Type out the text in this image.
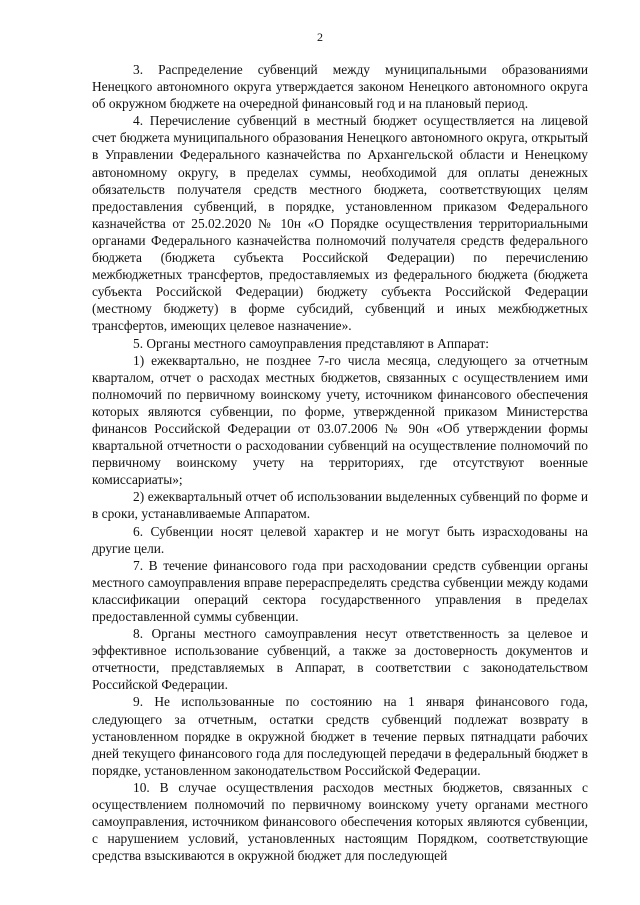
2

3. Распределение субвенций между муниципальными образованиями Ненецкого автономного округа утверждается законом Ненецкого автономного округа об окружном бюджете на очередной финансовый год и на плановый период.

4. Перечисление субвенций в местный бюджет осуществляется на лицевой счет бюджета муниципального образования Ненецкого автономного округа, открытый в Управлении Федерального казначейства по Архангельской области и Ненецкому автономному округу, в пределах суммы, необходимой для оплаты денежных обязательств получателя средств местного бюджета, соответствующих целям предоставления субвенций, в порядке, установленном приказом Федерального казначейства от 25.02.2020 № 10н «О Порядке осуществления территориальными органами Федерального казначейства полномочий получателя средств федерального бюджета (бюджета субъекта Российской Федерации) по перечислению межбюджетных трансфертов, предоставляемых из федерального бюджета (бюджета субъекта Российской Федерации) бюджету субъекта Российской Федерации (местному бюджету) в форме субсидий, субвенций и иных межбюджетных трансфертов, имеющих целевое назначение».

5. Органы местного самоуправления представляют в Аппарат:

1) ежеквартально, не позднее 7-го числа месяца, следующего за отчетным кварталом, отчет о расходах местных бюджетов, связанных с осуществлением ими полномочий по первичному воинскому учету, источником финансового обеспечения которых являются субвенции, по форме, утвержденной приказом Министерства финансов Российской Федерации от 03.07.2006 № 90н «Об утверждении формы квартальной отчетности о расходовании субвенций на осуществление полномочий по первичному воинскому учету на территориях, где отсутствуют военные комиссариаты»;

2) ежеквартальный отчет об использовании выделенных субвенций по форме и в сроки, устанавливаемые Аппаратом.

6. Субвенции носят целевой характер и не могут быть израсходованы на другие цели.

7. В течение финансового года при расходовании средств субвенции органы местного самоуправления вправе перераспределять средства субвенции между кодами классификации операций сектора государственного управления в пределах предоставленной суммы субвенции.

8. Органы местного самоуправления несут ответственность за целевое и эффективное использование субвенций, а также за достоверность документов и отчетности, представляемых в Аппарат, в соответствии с законодательством Российской Федерации.

9. Не использованные по состоянию на 1 января финансового года, следующего за отчетным, остатки средств субвенций подлежат возврату в установленном порядке в окружной бюджет в течение первых пятнадцати рабочих дней текущего финансового года для последующей передачи в федеральный бюджет в порядке, установленном законодательством Российской Федерации.

10. В случае осуществления расходов местных бюджетов, связанных с осуществлением полномочий по первичному воинскому учету органами местного самоуправления, источником финансового обеспечения которых являются субвенции, с нарушением условий, установленных настоящим Порядком, соответствующие средства взыскиваются в окружной бюджет для последующей
